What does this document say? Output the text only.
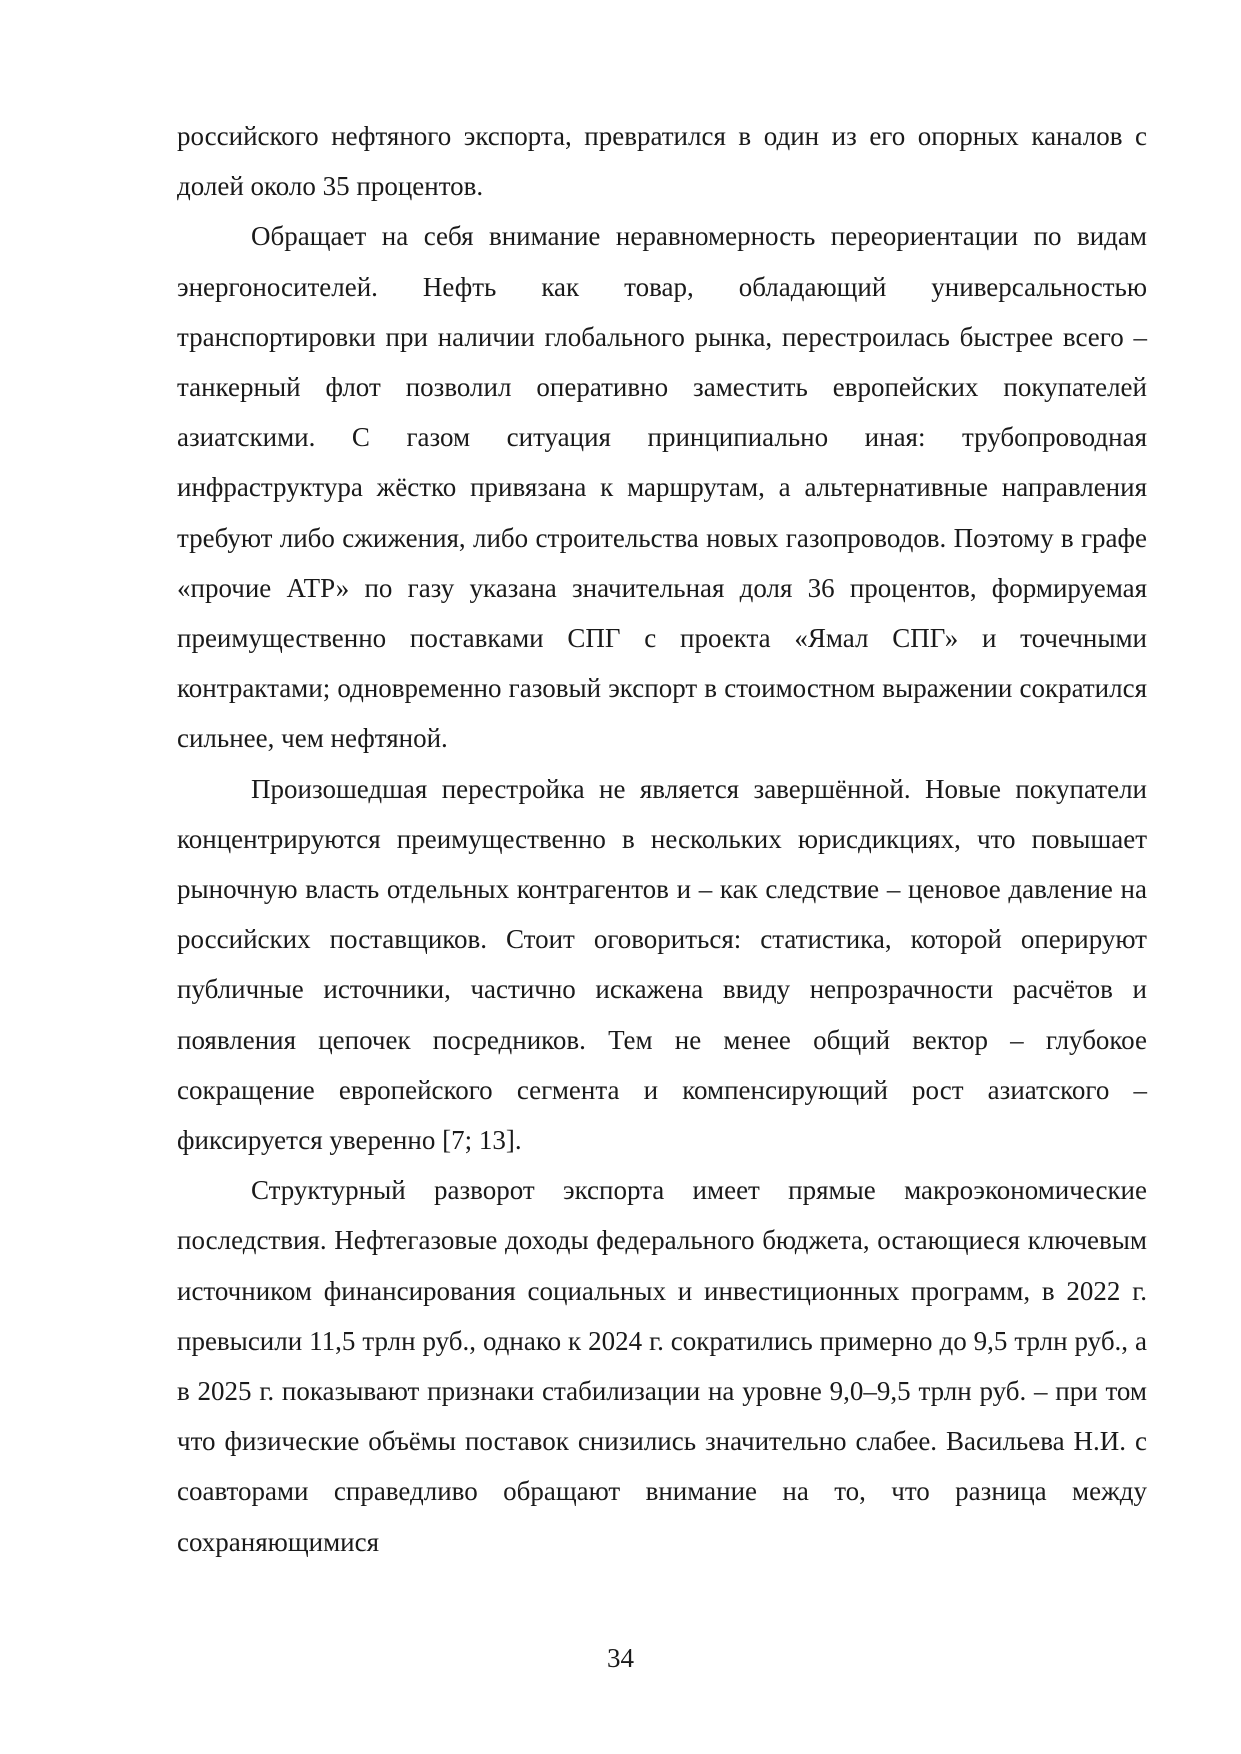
российского нефтяного экспорта, превратился в один из его опорных каналов с долей около 35 процентов.

Обращает на себя внимание неравномерность переориентации по видам энергоносителей. Нефть как товар, обладающий универсальностью транспортировки при наличии глобального рынка, перестроилась быстрее всего – танкерный флот позволил оперативно заместить европейских покупателей азиатскими. С газом ситуация принципиально иная: трубопроводная инфраструктура жёстко привязана к маршрутам, а альтернативные направления требуют либо сжижения, либо строительства новых газопроводов. Поэтому в графе «прочие АТР» по газу указана значительная доля 36 процентов, формируемая преимущественно поставками СПГ с проекта «Ямал СПГ» и точечными контрактами; одновременно газовый экспорт в стоимостном выражении сократился сильнее, чем нефтяной.

Произошедшая перестройка не является завершённой. Новые покупатели концентрируются преимущественно в нескольких юрисдикциях, что повышает рыночную власть отдельных контрагентов и – как следствие – ценовое давление на российских поставщиков. Стоит оговориться: статистика, которой оперируют публичные источники, частично искажена ввиду непрозрачности расчётов и появления цепочек посредников. Тем не менее общий вектор – глубокое сокращение европейского сегмента и компенсирующий рост азиатского – фиксируется уверенно [7; 13].

Структурный разворот экспорта имеет прямые макроэкономические последствия. Нефтегазовые доходы федерального бюджета, остающиеся ключевым источником финансирования социальных и инвестиционных программ, в 2022 г. превысили 11,5 трлн руб., однако к 2024 г. сократились примерно до 9,5 трлн руб., а в 2025 г. показывают признаки стабилизации на уровне 9,0–9,5 трлн руб. – при том что физические объёмы поставок снизились значительно слабее. Васильева Н.И. с соавторами справедливо обращают внимание на то, что разница между сохраняющимися

34
